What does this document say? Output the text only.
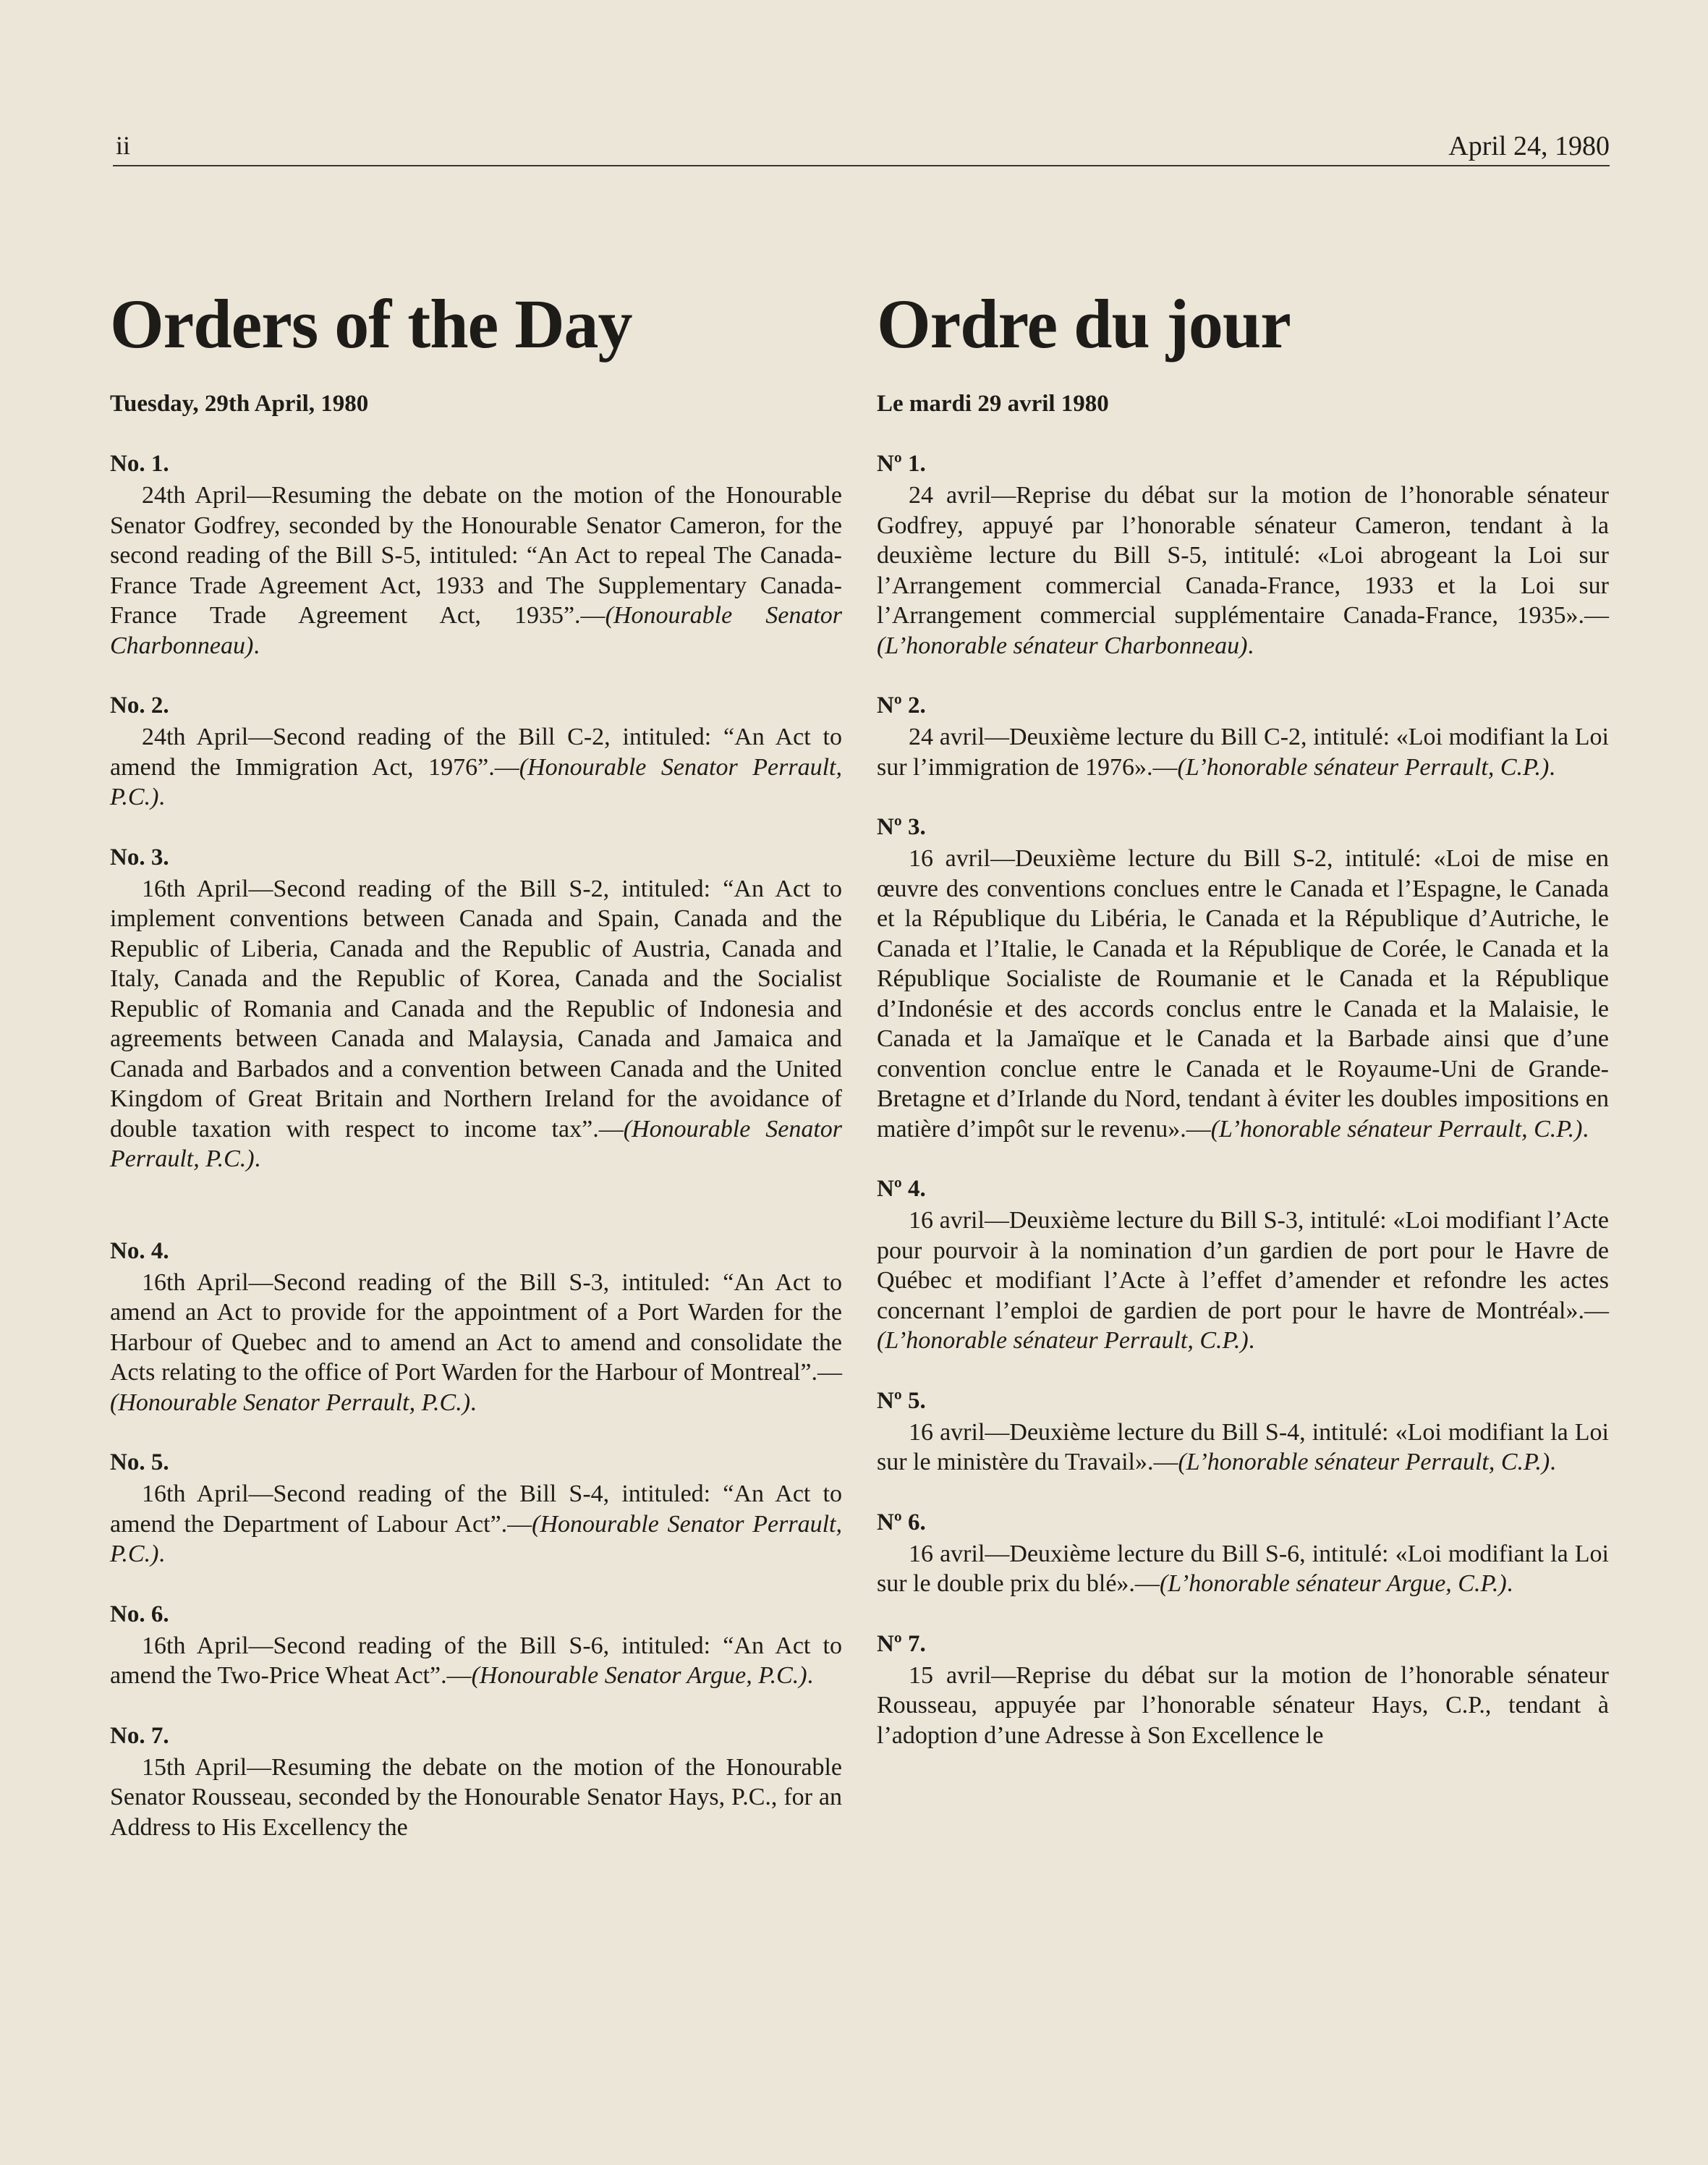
ii	April 24, 1980
Orders of the Day

Tuesday, 29th April, 1980

No. 1.

24th April—Resuming the debate on the motion of the Honourable Senator Godfrey, seconded by the Honourable Senator Cameron, for the second reading of the Bill S-5, intituled: “An Act to repeal The Canada-France Trade Agreement Act, 1933 and The Supplementary Canada-France Trade Agreement Act, 1935”.—(Honourable Senator Charbonneau).

No. 2.

24th April—Second reading of the Bill C-2, intituled: “An Act to amend the Immigration Act, 1976”.—(Honourable Senator Perrault, P.C.).

No. 3.

16th April—Second reading of the Bill S-2, intituled: “An Act to implement conventions between Canada and Spain, Canada and the Republic of Liberia, Canada and the Republic of Austria, Canada and Italy, Canada and the Republic of Korea, Canada and the Socialist Republic of Romania and Canada and the Republic of Indonesia and agreements between Canada and Malaysia, Canada and Jamaica and Canada and Barbados and a convention between Canada and the United Kingdom of Great Britain and Northern Ireland for the avoidance of double taxation with respect to income tax”.—(Honourable Senator Perrault, P.C.).

No. 4.

16th April—Second reading of the Bill S-3, intituled: “An Act to amend an Act to provide for the appointment of a Port Warden for the Harbour of Quebec and to amend an Act to amend and consolidate the Acts relating to the office of Port Warden for the Harbour of Montreal”.—(Honourable Senator Perrault, P.C.).

No. 5.

16th April—Second reading of the Bill S-4, intituled: “An Act to amend the Department of Labour Act”.—(Honourable Senator Perrault, P.C.).

No. 6.

16th April—Second reading of the Bill S-6, intituled: “An Act to amend the Two-Price Wheat Act”.—(Honourable Senator Argue, P.C.).

No. 7.

15th April—Resuming the debate on the motion of the Honourable Senator Rousseau, seconded by the Honourable Senator Hays, P.C., for an Address to His Excellency the

Ordre du jour

Le mardi 29 avril 1980

Nº 1.

24 avril—Reprise du débat sur la motion de l’honorable sénateur Godfrey, appuyé par l’honorable sénateur Cameron, tendant à la deuxième lecture du Bill S-5, intitulé: «Loi abrogeant la Loi sur l’Arrangement commercial Canada-France, 1933 et la Loi sur l’Arrangement commercial supplémentaire Canada-France, 1935».—(L’honorable sénateur Charbonneau).

Nº 2.

24 avril—Deuxième lecture du Bill C-2, intitulé: «Loi modifiant la Loi sur l’immigration de 1976».—(L’honorable sénateur Perrault, C.P.).

Nº 3.

16 avril—Deuxième lecture du Bill S-2, intitulé: «Loi de mise en œuvre des conventions conclues entre le Canada et l’Espagne, le Canada et la République du Libéria, le Canada et la République d’Autriche, le Canada et l’Italie, le Canada et la République de Corée, le Canada et la République Socialiste de Roumanie et le Canada et la République d’Indonésie et des accords conclus entre le Canada et la Malaisie, le Canada et la Jamaïque et le Canada et la Barbade ainsi que d’une convention conclue entre le Canada et le Royaume-Uni de Grande-Bretagne et d’Irlande du Nord, tendant à éviter les doubles impositions en matière d’impôt sur le revenu».—(L’honorable sénateur Perrault, C.P.).

Nº 4.

16 avril—Deuxième lecture du Bill S-3, intitulé: «Loi modifiant l’Acte pour pourvoir à la nomination d’un gardien de port pour le Havre de Québec et modifiant l’Acte à l’effet d’amender et refondre les actes concernant l’emploi de gardien de port pour le havre de Montréal».—(L’honorable sénateur Perrault, C.P.).

Nº 5.

16 avril—Deuxième lecture du Bill S-4, intitulé: «Loi modifiant la Loi sur le ministère du Travail».—(L’honorable sénateur Perrault, C.P.).

Nº 6.

16 avril—Deuxième lecture du Bill S-6, intitulé: «Loi modifiant la Loi sur le double prix du blé».—(L’honorable sénateur Argue, C.P.).

Nº 7.

15 avril—Reprise du débat sur la motion de l’honorable sénateur Rousseau, appuyée par l’honorable sénateur Hays, C.P., tendant à l’adoption d’une Adresse à Son Excellence le
